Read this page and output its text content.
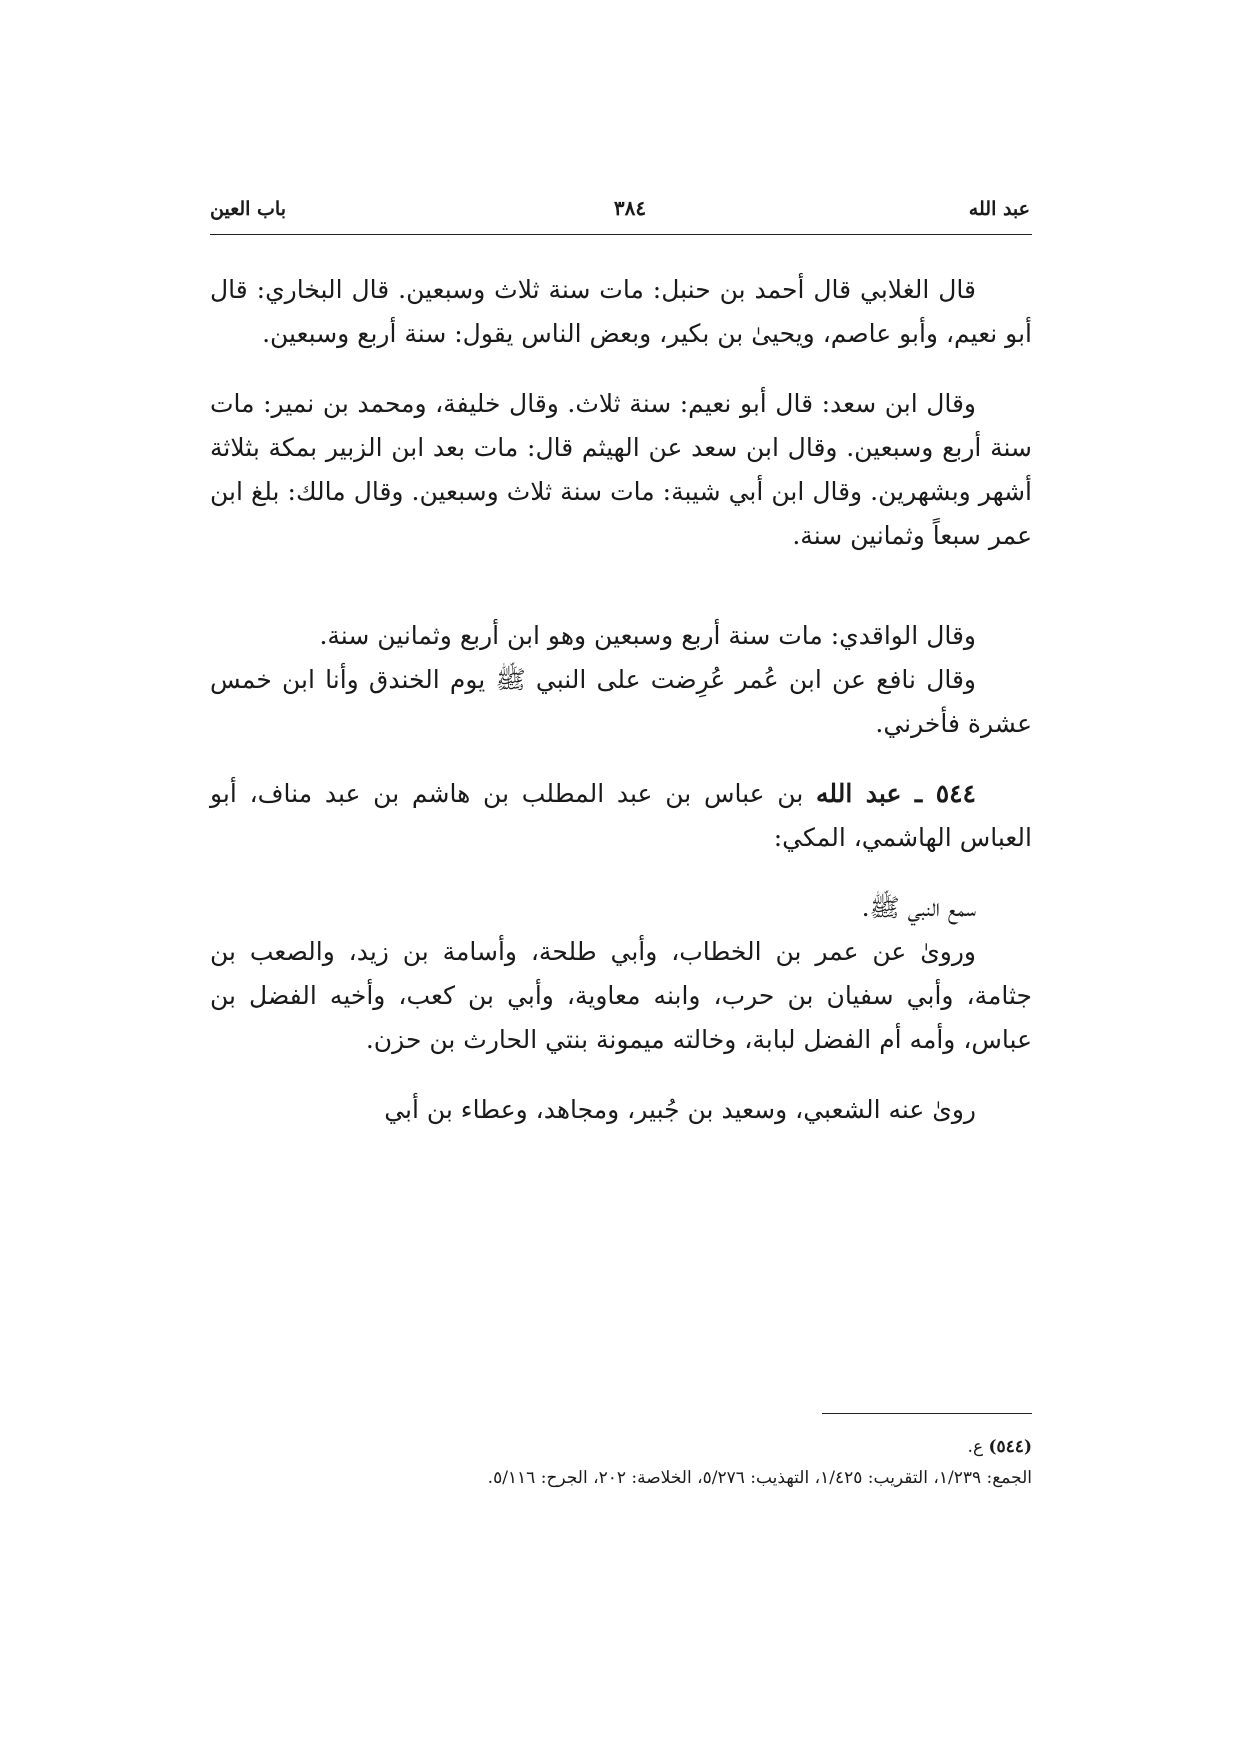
عبد الله
٣٨٤
باب العين

قال الغلابي قال أحمد بن حنبل: مات سنة ثلاث وسبعين. قال البخاري: قال أبو نعيم، وأبو عاصم، ويحيىٰ بن بكير، وبعض الناس يقول: سنة أربع وسبعين.

وقال ابن سعد: قال أبو نعيم: سنة ثلاث. وقال خليفة، ومحمد بن نمير: مات سنة أربع وسبعين. وقال ابن سعد عن الهيثم قال: مات بعد ابن الزبير بمكة بثلاثة أشهر وبشهرين. وقال ابن أبي شيبة: مات سنة ثلاث وسبعين. وقال مالك: بلغ ابن عمر سبعاً وثمانين سنة.

وقال الواقدي: مات سنة أربع وسبعين وهو ابن أربع وثمانين سنة.

وقال نافع عن ابن عُمر عُرِضت على النبي ﷺ يوم الخندق وأنا ابن خمس عشرة فأخرني.

٥٤٤ ـ عبد الله بن عباس بن عبد المطلب بن هاشم بن عبد مناف، أبو العباس الهاشمي، المكي:

سمع النبي ﷺ.

وروىٰ عن عمر بن الخطاب، وأبي طلحة، وأسامة بن زيد، والصعب بن جثامة، وأبي سفيان بن حرب، وابنه معاوية، وأبي بن كعب، وأخيه الفضل بن عباس، وأمه أم الفضل لبابة، وخالته ميمونة بنتي الحارث بن حزن.

روىٰ عنه الشعبي، وسعيد بن جُبير، ومجاهد، وعطاء بن أبي

(٥٤٤) ع.

الجمع: ١/٢٣٩، التقريب: ١/٤٢٥، التهذيب: ٥/٢٧٦، الخلاصة: ٢٠٢، الجرح: ٥/١١٦.
